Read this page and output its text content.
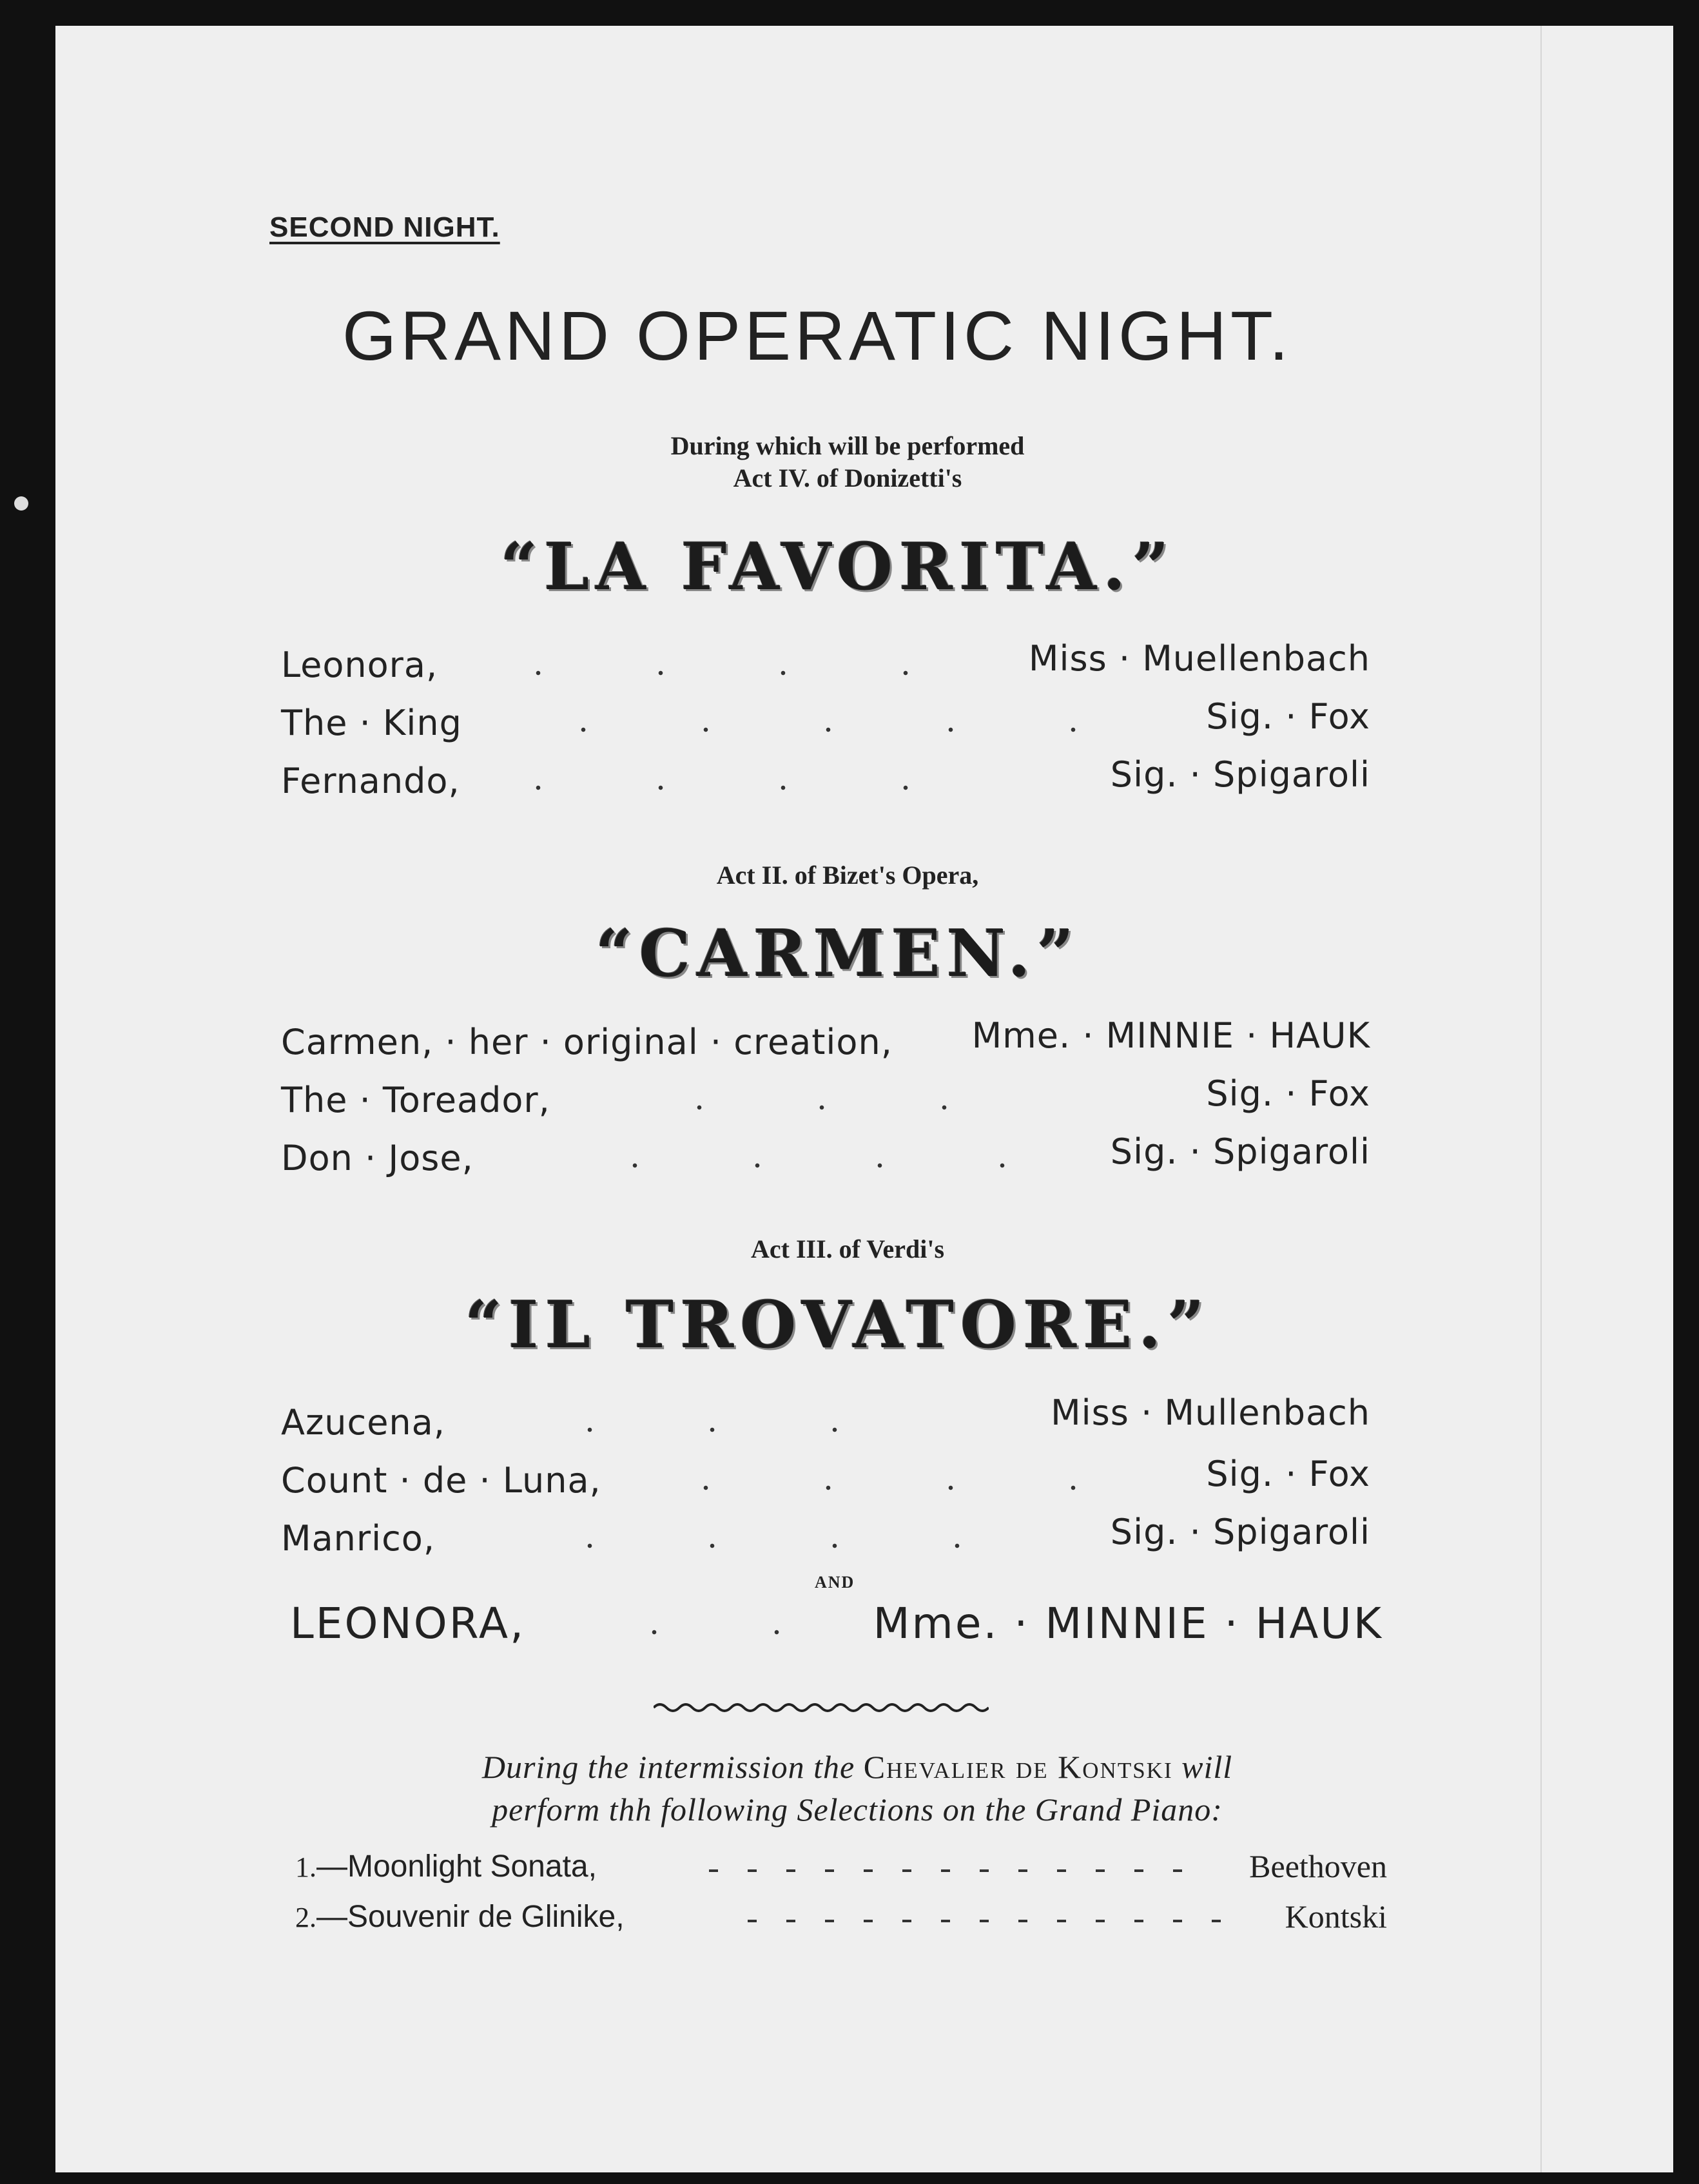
SECOND NIGHT.
GRAND OPERATIC NIGHT.
During which will be performed
Act IV. of Donizetti's
“LA FAVORITA.”
Leonora,	Miss · Muellenbach
The · King	Sig. · Fox
Fernando,	Sig. · Spigaroli
Act II. of Bizet's Opera,
“CARMEN.”
Carmen, · her · original · creation, Mme. · MINNIE · HAUK
The · Toreador,	Sig. · Fox
Don · Jose,	Sig. · Spigaroli
Act III. of Verdi's
“IL TROVATORE.”
Azucena,	Miss · Mullenbach
Count · de · Luna,	Sig. · Fox
Manrico,	Sig. · Spigaroli
AND
LEONORA,	Mme. · MINNIE · HAUK
During the intermission the Chevalier de Kontski will
perform thh following Selections on the Grand Piano:
1.—Moonlight Sonata,	Beethoven
2.—Souvenir de Glinike,	Kontski
